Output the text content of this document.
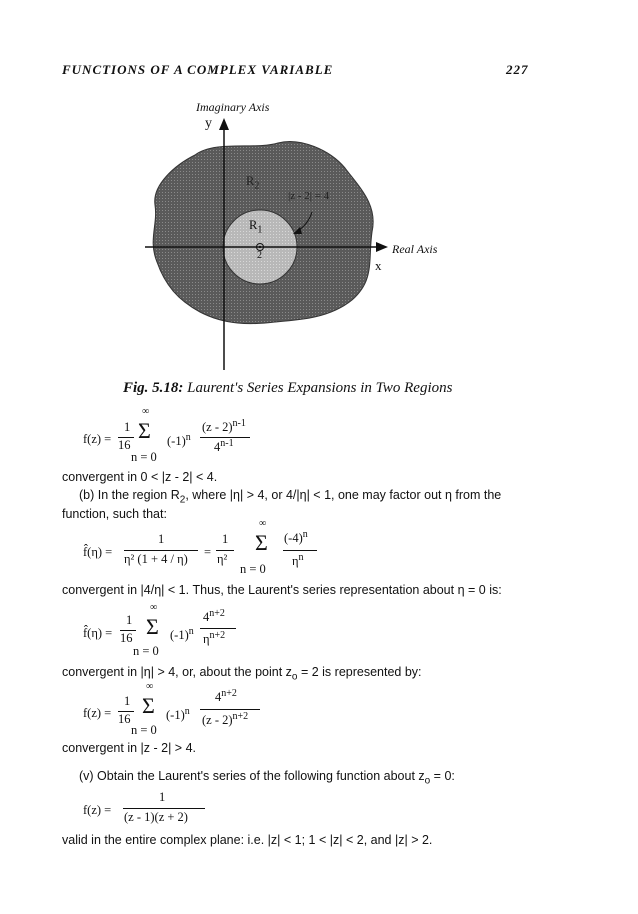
FUNCTIONS OF A COMPLEX VARIABLE	227
Imaginary Axis
y
$R_2$
|z - 2| = 4
$R_1$
2	Real Axis
x
Fig. 5.18: Laurent's Series Expansions in Two Regions
f(z) =
1
16
∞
Σ
n = 0
$(-1)^n$
(z - 2)$^{n-1}$
4$^{n-1}$
convergent in 0 < |z - 2| < 4.
(b) In the region $R_2$, where |η| > 4, or 4/|η| < 1, one may factor out η from the
function, such that:
f̂(η) =
1
η² (1 + 4 / η) =
1
η²
∞
Σ
n = 0
$(-4)^n$
$\eta^n$
convergent in |4/η| < 1. Thus, the Laurent's series representation about η = 0 is:
f̂(η) =
1
16
∞
Σ
n = 0
$(-1)^n$
$4^{n+2}$
$\eta^{n+2}$
convergent in |η| > 4, or, about the point $z_o = 2$ is represented by:
f(z) =
1
16
∞
Σ
n = 0
$(-1)^n$
$4^{n+2}$
(z - 2)$^{n+2}$
convergent in |z - 2| > 4.
(v) Obtain the Laurent's series of the following function about $z_o = 0$:
f(z) =
1
(z - 1)(z + 2)
valid in the entire complex plane: i.e. |z| < 1; 1 < |z| < 2, and |z| > 2.
